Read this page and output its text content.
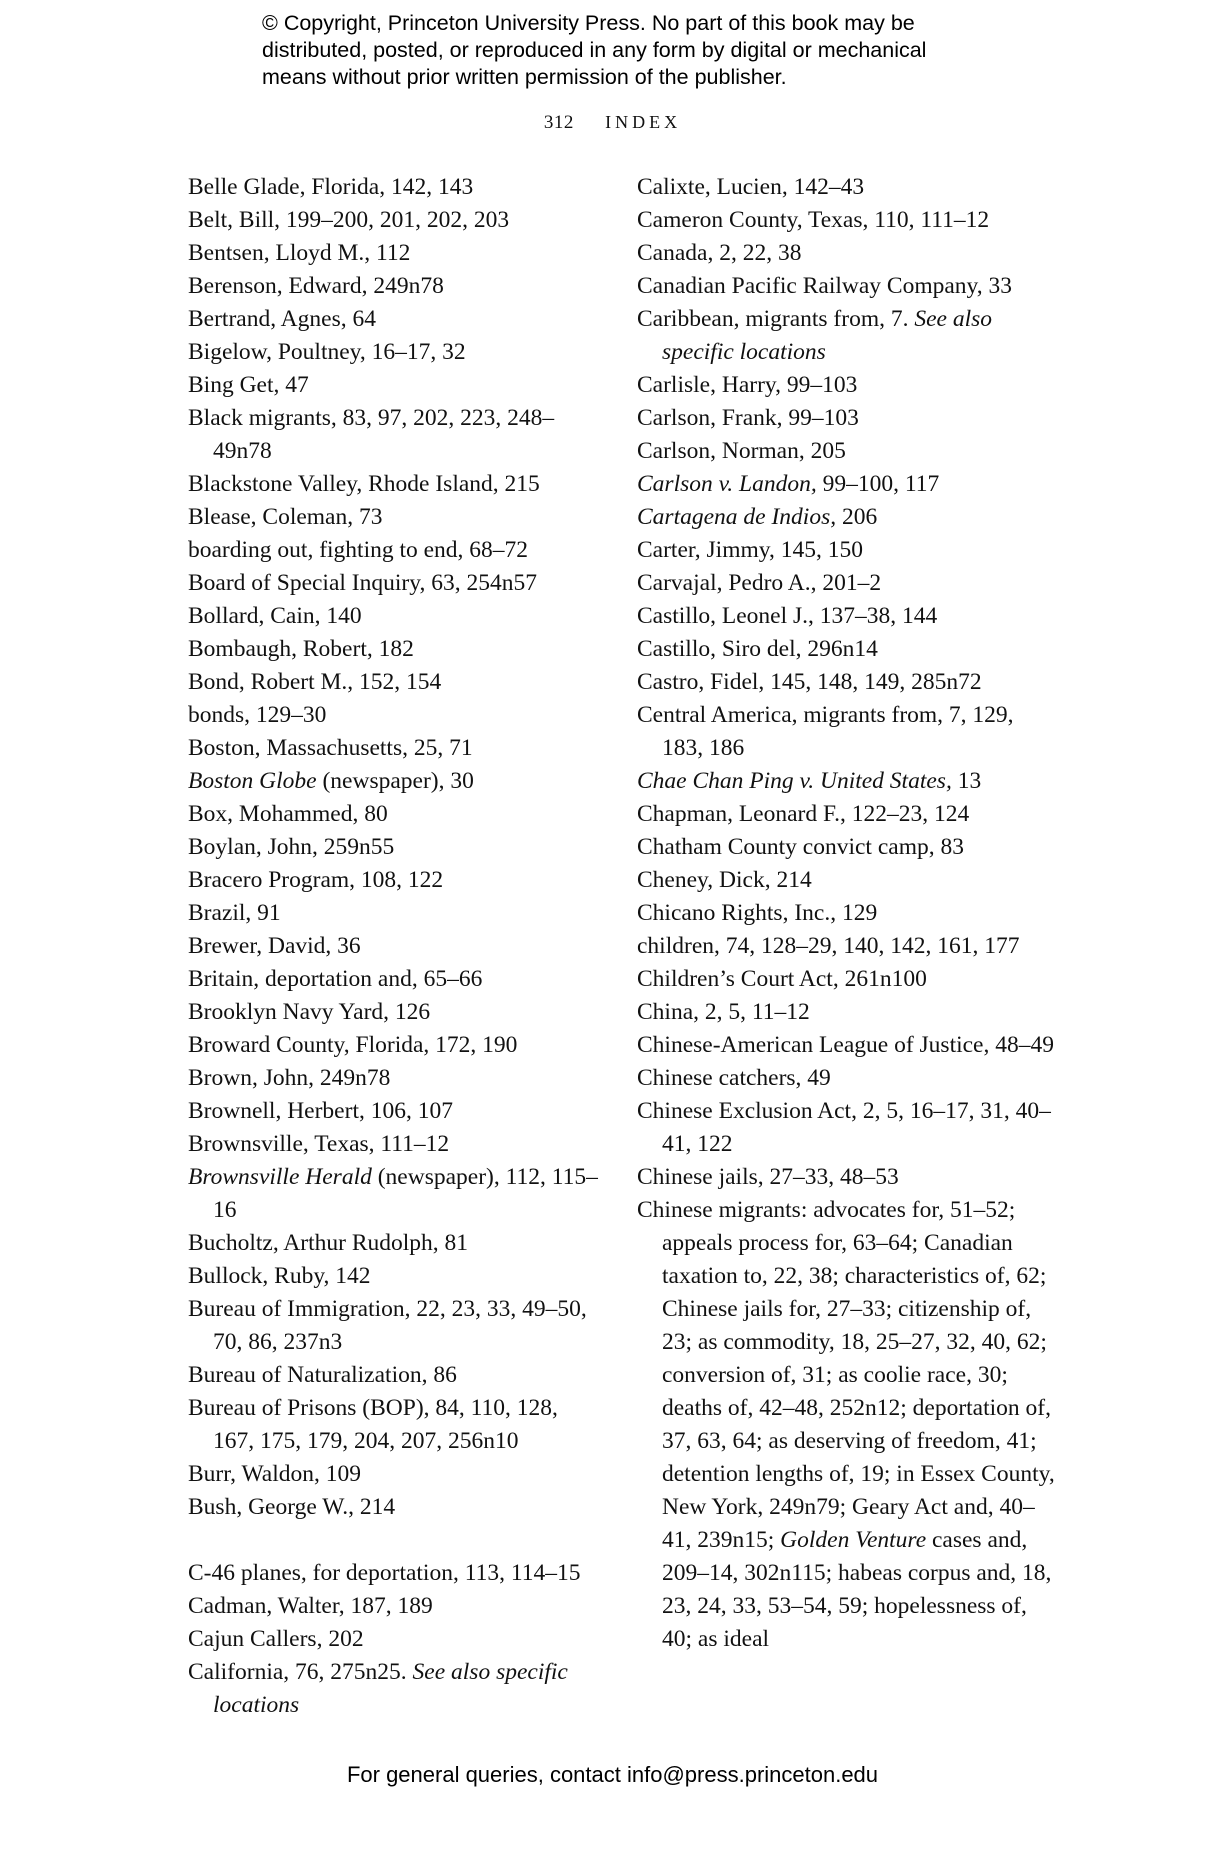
© Copyright, Princeton University Press. No part of this book may be

distributed, posted, or reproduced in any form by digital or mechanical

means without prior written permission of the publisher.

312 INDEX
Belle Glade, Florida, 142, 143
Belt, Bill, 199–200, 201, 202, 203
Bentsen, Lloyd M., 112
Berenson, Edward, 249n78
Bertrand, Agnes, 64
Bigelow, Poultney, 16–17, 32
Bing Get, 47
Black migrants, 83, 97, 202, 223, 248–49n78
Blackstone Valley, Rhode Island, 215
Blease, Coleman, 73
boarding out, fighting to end, 68–72
Board of Special Inquiry, 63, 254n57
Bollard, Cain, 140
Bombaugh, Robert, 182
Bond, Robert M., 152, 154
bonds, 129–30
Boston, Massachusetts, 25, 71
Boston Globe (newspaper), 30
Box, Mohammed, 80
Boylan, John, 259n55
Bracero Program, 108, 122
Brazil, 91
Brewer, David, 36
Britain, deportation and, 65–66
Brooklyn Navy Yard, 126
Broward County, Florida, 172, 190
Brown, John, 249n78
Brownell, Herbert, 106, 107
Brownsville, Texas, 111–12
Brownsville Herald (newspaper), 112, 115–16
Bucholtz, Arthur Rudolph, 81
Bullock, Ruby, 142
Bureau of Immigration, 22, 23, 33, 49–50, 70, 86, 237n3
Bureau of Naturalization, 86
Bureau of Prisons (BOP), 84, 110, 128, 167, 175, 179, 204, 207, 256n10
Burr, Waldon, 109
Bush, George W., 214
C-46 planes, for deportation, 113, 114–15
Cadman, Walter, 187, 189
Cajun Callers, 202
California, 76, 275n25. See also specific locations
Calixte, Lucien, 142–43
Cameron County, Texas, 110, 111–12
Canada, 2, 22, 38
Canadian Pacific Railway Company, 33
Caribbean, migrants from, 7. See also specific locations
Carlisle, Harry, 99–103
Carlson, Frank, 99–103
Carlson, Norman, 205
Carlson v. Landon, 99–100, 117
Cartagena de Indios, 206
Carter, Jimmy, 145, 150
Carvajal, Pedro A., 201–2
Castillo, Leonel J., 137–38, 144
Castillo, Siro del, 296n14
Castro, Fidel, 145, 148, 149, 285n72
Central America, migrants from, 7, 129, 183, 186
Chae Chan Ping v. United States, 13
Chapman, Leonard F., 122–23, 124
Chatham County convict camp, 83
Cheney, Dick, 214
Chicano Rights, Inc., 129
children, 74, 128–29, 140, 142, 161, 177
Children’s Court Act, 261n100
China, 2, 5, 11–12
Chinese-American League of Justice, 48–49
Chinese catchers, 49
Chinese Exclusion Act, 2, 5, 16–17, 31, 40–41, 122
Chinese jails, 27–33, 48–53
Chinese migrants: advocates for, 51–52; appeals process for, 63–64; Canadian taxation to, 22, 38; characteristics of, 62; Chinese jails for, 27–33; citizenship of, 23; as commodity, 18, 25–27, 32, 40, 62; conversion of, 31; as coolie race, 30; deaths of, 42–48, 252n12; deportation of, 37, 63, 64; as deserving of freedom, 41; detention lengths of, 19; in Essex County, New York, 249n79; Geary Act and, 40–41, 239n15; Golden Venture cases and, 209–14, 302n115; habeas corpus and, 18, 23, 24, 33, 53–54, 59; hopelessness of, 40; as ideal
For general queries, contact info@press.princeton.edu
